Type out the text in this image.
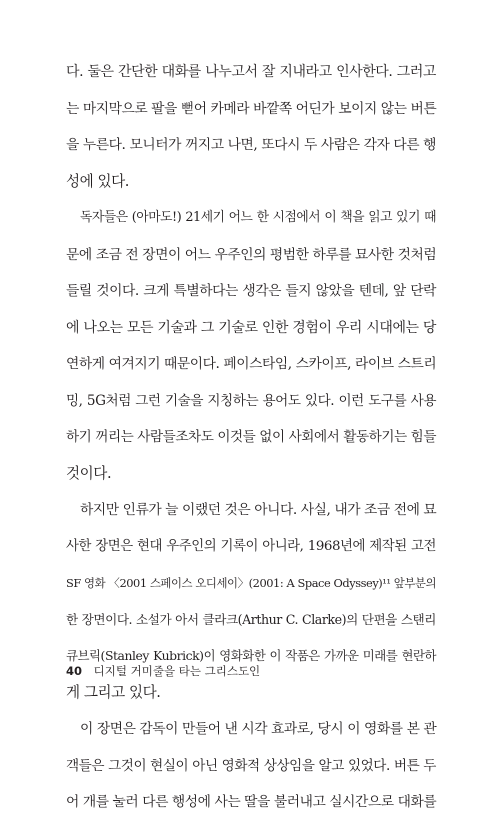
다. 둘은 간단한 대화를 나누고서 잘 지내라고 인사한다. 그러고
는 마지막으로 팔을 뻗어 카메라 바깥쪽 어딘가 보이지 않는 버튼
을 누른다. 모니터가 꺼지고 나면, 또다시 두 사람은 각자 다른 행
성에 있다.
독자들은 (아마도!) 21세기 어느 한 시점에서 이 책을 읽고 있기 때
문에 조금 전 장면이 어느 우주인의 평범한 하루를 묘사한 것처럼
들릴 것이다. 크게 특별하다는 생각은 들지 않았을 텐데, 앞 단락
에 나오는 모든 기술과 그 기술로 인한 경험이 우리 시대에는 당
연하게 여겨지기 때문이다. 페이스타임, 스카이프, 라이브 스트리
밍, 5G처럼 그런 기술을 지칭하는 용어도 있다. 이런 도구를 사용
하기 꺼리는 사람들조차도 이것들 없이 사회에서 활동하기는 힘들
것이다.
하지만 인류가 늘 이랬던 것은 아니다. 사실, 내가 조금 전에 묘
사한 장면은 현대 우주인의 기록이 아니라, 1968년에 제작된 고전
SF 영화 〈2001 스페이스 오디세이〉(2001: A Space Odyssey)¹¹ 앞부분의
한 장면이다. 소설가 아서 클라크(Arthur C. Clarke)의 단편을 스탠리
큐브릭(Stanley Kubrick)이 영화화한 이 작품은 가까운 미래를 현란하
게 그리고 있다.
이 장면은 감독이 만들어 낸 시각 효과로, 당시 이 영화를 본 관
객들은 그것이 현실이 아닌 영화적 상상임을 알고 있었다. 버튼 두
어 개를 눌러 다른 행성에 사는 딸을 불러내고 실시간으로 대화를
40 디지털 거미줄을 타는 그리스도인
